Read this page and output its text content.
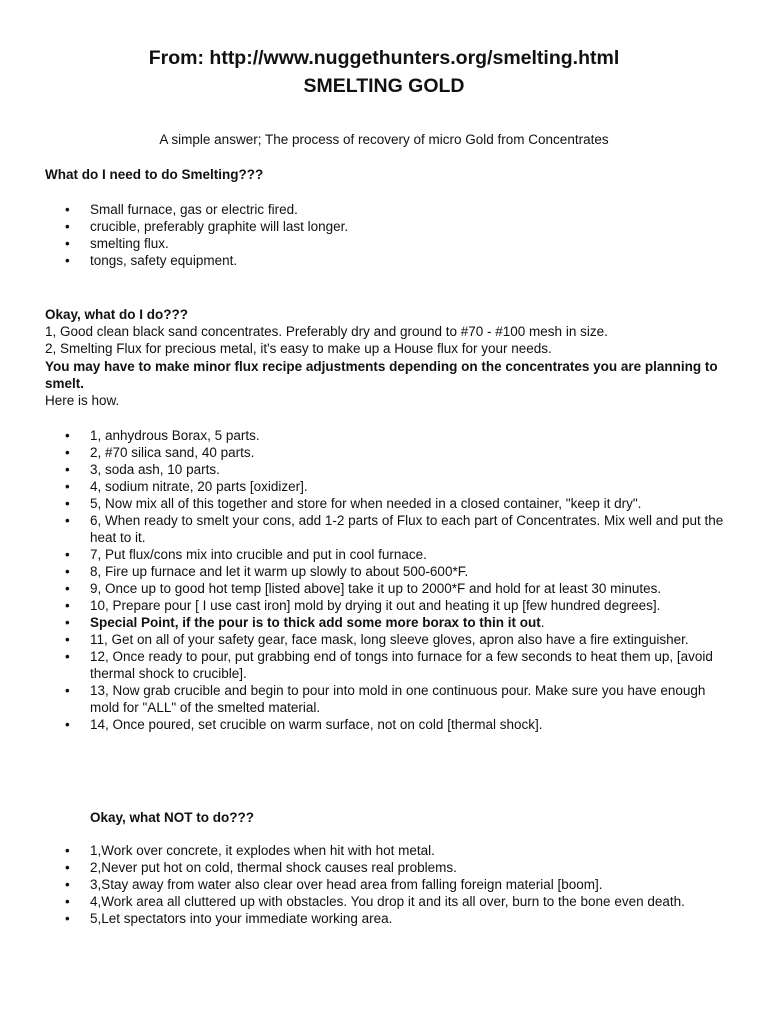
From: http://www.nuggethunters.org/smelting.html
SMELTING GOLD

A simple answer; The process of recovery of micro Gold from Concentrates

What do I need to do Smelting???

• Small furnace, gas or electric fired.
• crucible, preferably graphite will last longer.
• smelting flux.
• tongs, safety equipment.

Okay, what do I do???

1, Good clean black sand concentrates. Preferably dry and ground to #70 - #100 mesh in size.

2, Smelting Flux for precious metal, it's easy to make up a House flux for your needs.

You may have to make minor flux recipe adjustments depending on the concentrates you are planning to smelt.

Here is how.

• 1, anhydrous Borax, 5 parts.
• 2, #70 silica sand, 40 parts.
• 3, soda ash, 10 parts.
• 4, sodium nitrate, 20 parts [oxidizer].
• 5, Now mix all of this together and store for when needed in a closed container, "keep it dry".
• 6, When ready to smelt your cons, add 1-2 parts of Flux to each part of Concentrates. Mix well and put the heat to it.
• 7, Put flux/cons mix into crucible and put in cool furnace.
• 8, Fire up furnace and let it warm up slowly to about 500-600*F.
• 9, Once up to good hot temp [listed above] take it up to 2000*F and hold for at least 30 minutes.
• 10, Prepare pour [ I use cast iron] mold by drying it out and heating it up [few hundred degrees].
• Special Point, if the pour is to thick add some more borax to thin it out.
• 11, Get on all of your safety gear, face mask, long sleeve gloves, apron also have a fire extinguisher.
• 12, Once ready to pour, put grabbing end of tongs into furnace for a few seconds to heat them up, [avoid thermal shock to crucible].
• 13, Now grab crucible and begin to pour into mold in one continuous pour. Make sure you have enough mold for "ALL" of the smelted material.
• 14, Once poured, set crucible on warm surface, not on cold [thermal shock].

Okay, what NOT to do???

• 1,Work over concrete, it explodes when hit with hot metal.
• 2,Never put hot on cold, thermal shock causes real problems.
• 3,Stay away from water also clear over head area from falling foreign material [boom].
• 4,Work area all cluttered up with obstacles. You drop it and its all over, burn to the bone even death.
• 5,Let spectators into your immediate working area.
